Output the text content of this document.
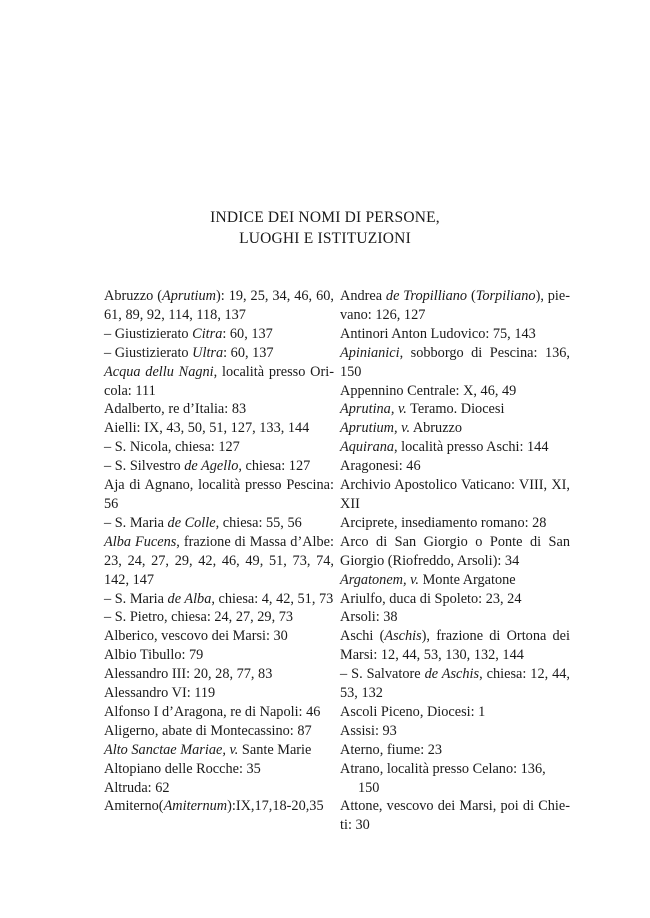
INDICE DEI NOMI DI PERSONE,
LUOGHI E ISTITUZIONI
Abruzzo (Aprutium): 19, 25, 34, 46, 60,
61, 89, 92, 114, 118, 137
– Giustizierato Citra: 60, 137
– Giustizierato Ultra: 60, 137
Acqua dellu Nagni, località presso Ori-
cola: 111
Adalberto, re d’Italia: 83
Aielli: IX, 43, 50, 51, 127, 133, 144
– S. Nicola, chiesa: 127
– S. Silvestro de Agello, chiesa: 127
Aja di Agnano, località presso Pescina:
56
– S. Maria de Colle, chiesa: 55, 56
Alba Fucens, frazione di Massa d’Albe:
23, 24, 27, 29, 42, 46, 49, 51, 73, 74,
142, 147
– S. Maria de Alba, chiesa: 4, 42, 51, 73
– S. Pietro, chiesa: 24, 27, 29, 73
Alberico, vescovo dei Marsi: 30
Albio Tibullo: 79
Alessandro III: 20, 28, 77, 83
Alessandro VI: 119
Alfonso I d’Aragona, re di Napoli: 46
Aligerno, abate di Montecassino: 87
Alto Sanctae Mariae, v. Sante Marie
Altopiano delle Rocche: 35
Altruda: 62
Amiterno(Amiternum):IX,17,18-20,35
Andrea de Tropilliano (Torpiliano), pie-
vano: 126, 127
Antinori Anton Ludovico: 75, 143
Apinianici, sobborgo di Pescina: 136,
150
Appennino Centrale: X, 46, 49
Aprutina, v. Teramo. Diocesi
Aprutium, v. Abruzzo
Aquirana, località presso Aschi: 144
Aragonesi: 46
Archivio Apostolico Vaticano: VIII, XI,
XII
Arciprete, insediamento romano: 28
Arco di San Giorgio o Ponte di San
Giorgio (Riofreddo, Arsoli): 34
Argatonem, v. Monte Argatone
Ariulfo, duca di Spoleto: 23, 24
Arsoli: 38
Aschi (Aschis), frazione di Ortona dei
Marsi: 12, 44, 53, 130, 132, 144
– S. Salvatore de Aschis, chiesa: 12, 44,
53, 132
Ascoli Piceno, Diocesi: 1
Assisi: 93
Aterno, fiume: 23
Atrano, località presso Celano: 136, 150
Attone, vescovo dei Marsi, poi di Chie-
ti: 30
